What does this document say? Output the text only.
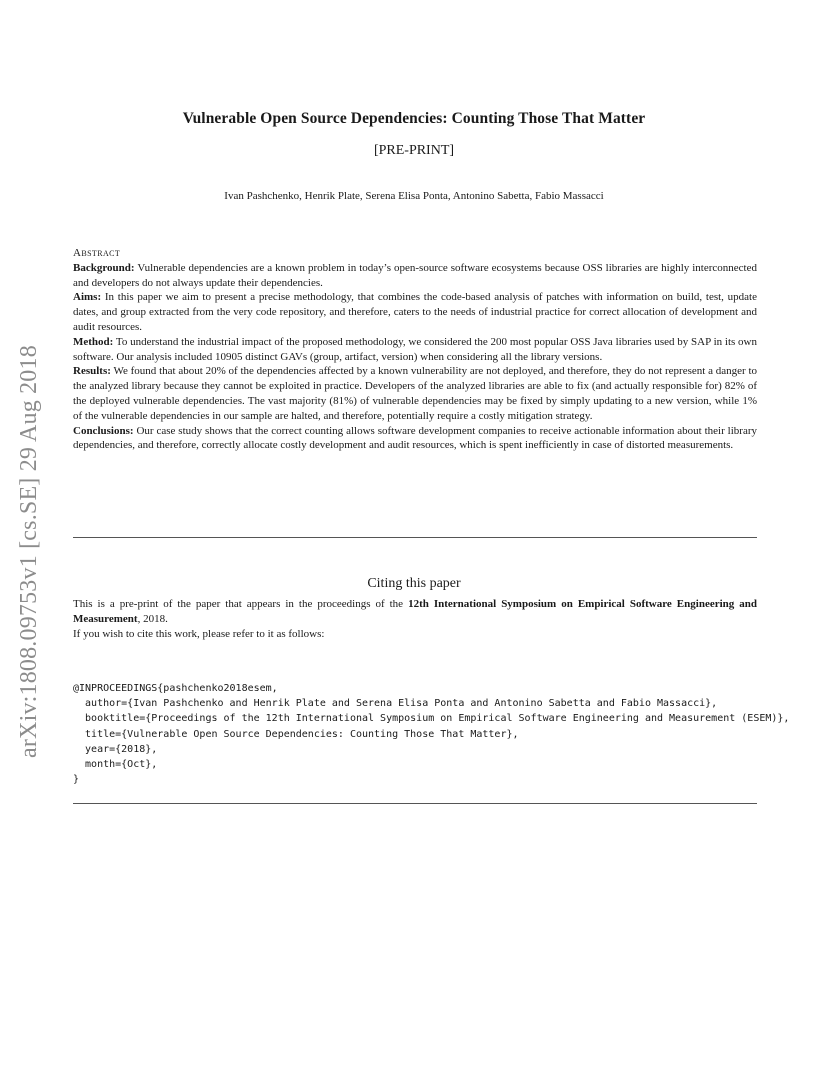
arXiv:1808.09753v1 [cs.SE] 29 Aug 2018
Vulnerable Open Source Dependencies: Counting Those That Matter
[PRE-PRINT]
Ivan Pashchenko, Henrik Plate, Serena Elisa Ponta, Antonino Sabetta, Fabio Massacci

Abstract

Background: Vulnerable dependencies are a known problem in today’s open-source software ecosystems because OSS libraries are highly interconnected and developers do not always update their dependencies.

Aims: In this paper we aim to present a precise methodology, that combines the code-based analysis of patches with information on build, test, update dates, and group extracted from the very code repository, and therefore, caters to the needs of industrial practice for correct allocation of development and audit resources.

Method: To understand the industrial impact of the proposed methodology, we considered the 200 most popular OSS Java libraries used by SAP in its own software. Our analysis included 10905 distinct GAVs (group, artifact, version) when considering all the library versions.

Results: We found that about 20% of the dependencies affected by a known vulnerability are not deployed, and therefore, they do not represent a danger to the analyzed library because they cannot be exploited in practice. Developers of the analyzed libraries are able to fix (and actually responsible for) 82% of the deployed vulnerable dependencies. The vast majority (81%) of vulnerable dependencies may be fixed by simply updating to a new version, while 1% of the vulnerable dependencies in our sample are halted, and therefore, potentially require a costly mitigation strategy.

Conclusions: Our case study shows that the correct counting allows software development companies to receive actionable information about their library dependencies, and therefore, correctly allocate costly development and audit resources, which is spent inefficiently in case of distorted measurements.

Citing this paper

This is a pre-print of the paper that appears in the proceedings of the 12th International Symposium on Empirical Software Engineering and Measurement, 2018.

If you wish to cite this work, please refer to it as follows:

@INPROCEEDINGS{pashchenko2018esem,
author={Ivan Pashchenko and Henrik Plate and Serena Elisa Ponta and Antonino Sabetta and Fabio Massacci},
booktitle={Proceedings of the 12th International Symposium on Empirical Software Engineering and Measurement (ESEM)},
title={Vulnerable Open Source Dependencies: Counting Those That Matter},
year={2018},
month={Oct},
}
